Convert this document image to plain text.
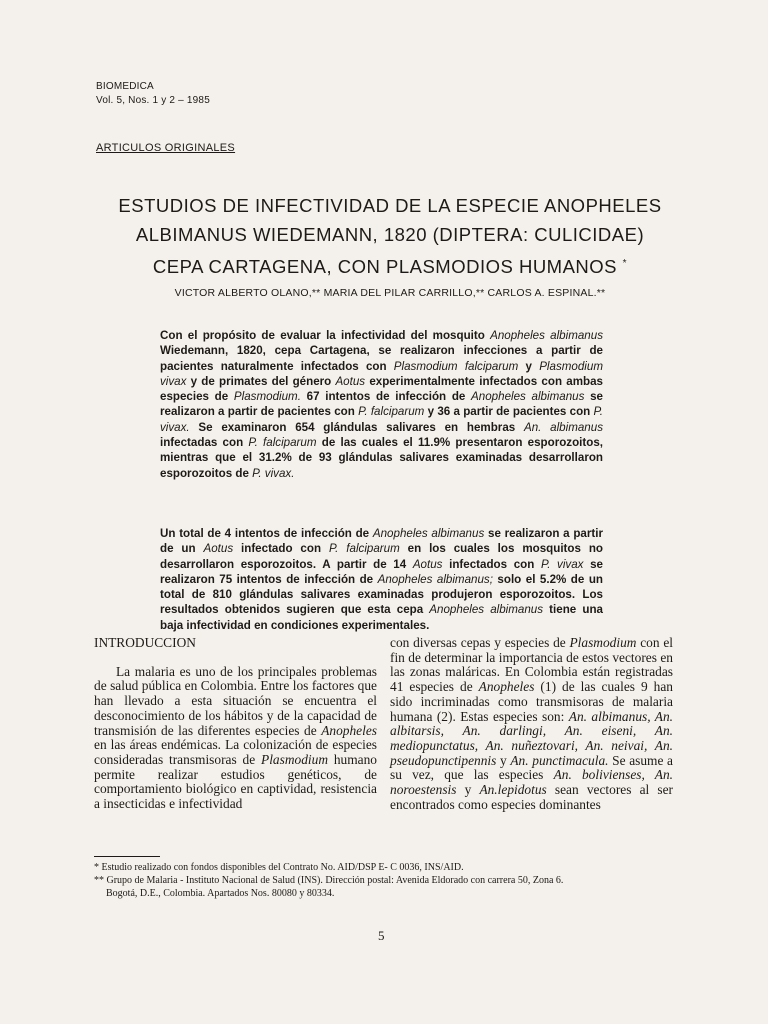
BIOMEDICA
Vol. 5, Nos. 1 y 2 – 1985
ARTICULOS ORIGINALES
ESTUDIOS DE INFECTIVIDAD DE LA ESPECIE ANOPHELES
ALBIMANUS WIEDEMANN, 1820 (DIPTERA: CULICIDAE)
CEPA CARTAGENA, CON PLASMODIOS HUMANOS *
VICTOR ALBERTO OLANO,** MARIA DEL PILAR CARRILLO,** CARLOS A. ESPINAL.**

Con el propósito de evaluar la infectividad del mosquito Anopheles albimanus Wiedemann, 1820, cepa Cartagena, se realizaron infecciones a partir de pacientes naturalmente infectados con Plasmodium falciparum y Plasmodium vivax y de primates del género Aotus experimentalmente infectados con ambas especies de Plasmodium. 67 intentos de infección de Anopheles albimanus se realizaron a partir de pacientes con P. falciparum y 36 a partir de pacientes con P. vivax. Se examinaron 654 glándulas salivares en hembras An. albimanus infectadas con P. falciparum de las cuales el 11.9% presentaron esporozoitos, mientras que el 31.2% de 93 glándulas salivares examinadas desarrollaron esporozoitos de P. vivax.

Un total de 4 intentos de infección de Anopheles albimanus se realizaron a partir de un Aotus infectado con P. falciparum en los cuales los mosquitos no desarrollaron esporozoitos. A partir de 14 Aotus infectados con P. vivax se realizaron 75 intentos de infección de Anopheles albimanus; solo el 5.2% de un total de 810 glándulas salivares examinadas produjeron esporozoitos. Los resultados obtenidos sugieren que esta cepa Anopheles albimanus tiene una baja infectividad en condiciones experimentales.

INTRODUCCION

La malaria es uno de los principales problemas de salud pública en Colombia. Entre los factores que han llevado a esta situación se encuentra el desconocimiento de los hábitos y de la capacidad de transmisión de las diferentes especies de Anopheles en las áreas endémicas. La colonización de especies consideradas transmisoras de Plasmodium humano permite realizar estudios genéticos, de comportamiento biológico en captividad, resistencia a insecticidas e infectividad

con diversas cepas y especies de Plasmodium con el fin de determinar la importancia de estos vectores en las zonas maláricas. En Colombia están registradas 41 especies de Anopheles (1) de las cuales 9 han sido incriminadas como transmisoras de malaria humana (2). Estas especies son: An. albimanus, An. albitarsis, An. darlingi, An. eiseni, An. mediopunctatus, An. nuñeztovari, An. neivai, An. pseudopunctipennis y An. punctimacula. Se asume a su vez, que las especies An. bolivienses, An. noroestensis y An.lepidotus sean vectores al ser encontrados como especies dominantes

* Estudio realizado con fondos disponibles del Contrato No. AID/DSP E- C 0036, INS/AID.

** Grupo de Malaria - Instituto Nacional de Salud (INS). Dirección postal: Avenida Eldorado con carrera 50, Zona 6.

Bogotá, D.E., Colombia. Apartados Nos. 80080 y 80334.

5
